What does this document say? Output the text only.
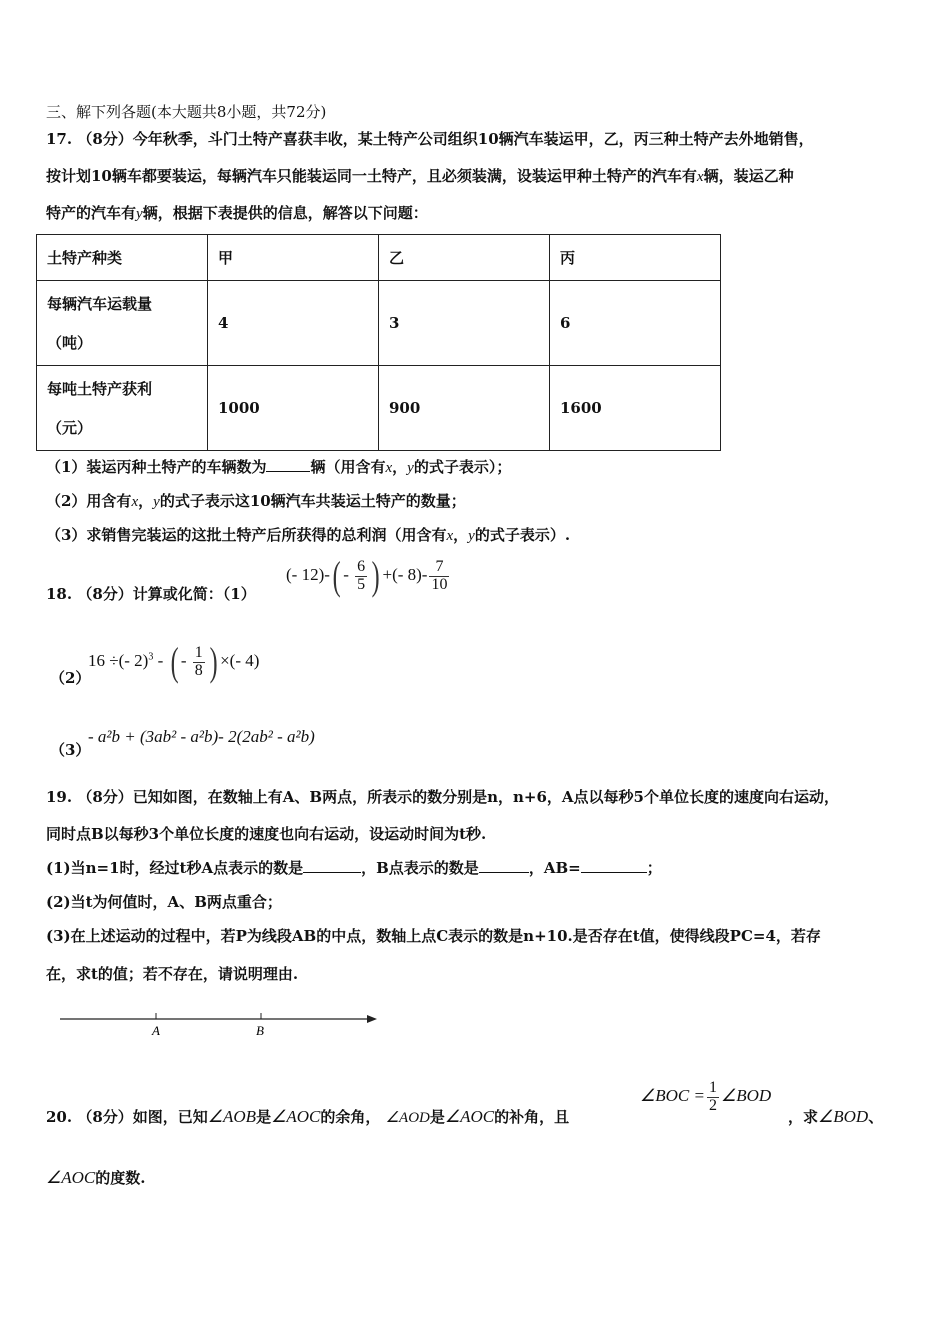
三、解下列各题(本大题共8小题，共72分)
17. （8分）今年秋季，斗门土特产喜获丰收，某土特产公司组织10辆汽车装运甲，乙，丙三种土特产去外地销售，
按计划10辆车都要装运，每辆汽车只能装运同一土特产，且必须装满，设装运甲种土特产的汽车有x辆，装运乙种
特产的汽车有y辆，根据下表提供的信息，解答以下问题：
土特产种类	甲	乙	丙

每辆汽车运载量
（吨）	4	3	6

每吨土特产获利
（元）	1000	900	1600
（1）装运丙种土特产的车辆数为	辆（用含有x，y的式子表示）；
（2）用含有x，y的式子表示这10辆汽车共装运土特产的数量；
（3）求销售完装运的这批土特产后所获得的总利润（用含有x，y的式子表示）.
18. （8分）计算或化简：（1）
(- $12)-( - \frac{6}{5}$ ) +(- $8)- \frac{7}{10}$
（2）
16 ÷(- 2)$^3$ - ( - $\frac{1}{8}$ ) ×(- 4)
（3）
- a²b + (3ab² - a²b)- 2(2ab² - a²b)
19. （8分）已知如图，在数轴上有A、B两点，所表示的数分别是n，n+6，A点以每秒5个单位长度的速度向右运动，
同时点B以每秒3个单位长度的速度也向右运动，设运动时间为t秒.
(1)当n=1时，经过t秒A点表示的数是	，B点表示的数是	，AB=	；
(2)当t为何值时，A、B两点重合；
(3)在上述运动的过程中，若P为线段AB的中点，数轴上点C表示的数是n+10.是否存在t值，使得线段PC=4，若存
在，求t的值；若不存在，请说明理由.
A	B
20. （8分）如图，已知∠AOB是∠AOC的余角， ∠AOD是∠AOC的补角，且
∠BOC = $\frac{1}{2}$ ∠BOD
，求∠BOD、
∠AOC的度数.
